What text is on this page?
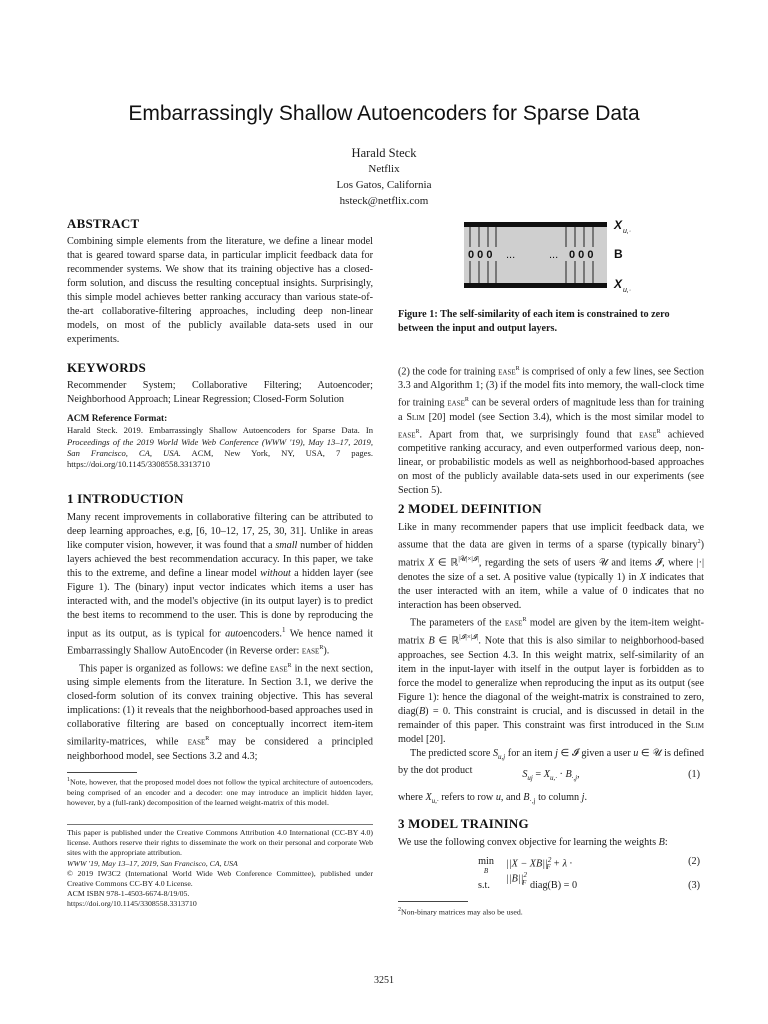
Embarrassingly Shallow Autoencoders for Sparse Data
Harald Steck
Netflix
Los Gatos, California
hsteck@netflix.com
ABSTRACT

Combining simple elements from the literature, we define a linear model that is geared toward sparse data, in particular implicit feedback data for recommender systems. We show that its training objective has a closed-form solution, and discuss the resulting conceptual insights. Surprisingly, this simple model achieves better ranking accuracy than various state-of-the-art collaborative-filtering approaches, including deep non-linear models, on most of the publicly available data-sets used in our experiments.

KEYWORDS

Recommender System; Collaborative Filtering; Autoencoder; Neighborhood Approach; Linear Regression; Closed-Form Solution

ACM Reference Format:

Harald Steck. 2019. Embarrassingly Shallow Autoencoders for Sparse Data. In Proceedings of the 2019 World Wide Web Conference (WWW '19), May 13–17, 2019, San Francisco, CA, USA. ACM, New York, NY, USA, 7 pages. https://doi.org/10.1145/3308558.3313710

1 INTRODUCTION

Many recent improvements in collaborative filtering can be attributed to deep learning approaches, e.g, [6, 10–12, 17, 25, 30, 31]. Unlike in areas like computer vision, however, it was found that a small number of hidden layers achieved the best recommendation accuracy. In this paper, we take this to the extreme, and define a linear model without a hidden layer (see Figure 1). The (binary) input vector indicates which items a user has interacted with, and the model's objective (in its output layer) is to predict the best items to recommend to the user. This is done by reproducing the input as its output, as is typical for autoencoders.$^1$ We hence named it Embarrassingly Shallow AutoEncoder (in Reverse order: ease$^R$).

This paper is organized as follows: we define ease$^R$ in the next section, using simple elements from the literature. In Section 3.1, we derive the closed-form solution of its convex training objective. This has several implications: (1) it reveals that the neighborhood-based approaches used in collaborative filtering are based on conceptually incorrect item-item similarity-matrices, while ease$^R$ may be considered a principled neighborhood model, see Sections 3.2 and 4.3;

$^1$Note, however, that the proposed model does not follow the typical architecture of autoencoders, being comprised of an encoder and a decoder: one may introduce an implicit hidden layer, however, by a (full-rank) decomposition of the learned weight-matrix of this model.

This paper is published under the Creative Commons Attribution 4.0 International (CC-BY 4.0) license. Authors reserve their rights to disseminate the work on their personal and corporate Web sites with the appropriate attribution.

WWW '19, May 13–17, 2019, San Francisco, CA, USA

© 2019 IW3C2 (International World Wide Web Conference Committee), published under Creative Commons CC-BY 4.0 License.

ACM ISBN 978-1-4503-6674-8/19/05.
https://doi.org/10.1145/3308558.3313710
0 0 0 ...	... 0 0 0
X u,·
B
X u,·
Figure 1: The self-similarity of each item is constrained to zero between the input and output layers.

(2) the code for training ease$^R$ is comprised of only a few lines, see Section 3.3 and Algorithm 1; (3) if the model fits into memory, the wall-clock time for training ease$^R$ can be several orders of magnitude less than for training a Slim [20] model (see Section 3.4), which is the most similar model to ease$^R$. Apart from that, we surprisingly found that ease$^R$ achieved competitive ranking accuracy, and even outperformed various deep, non-linear, or probabilistic models as well as neighborhood-based approaches on most of the publicly available data-sets used in our experiments (see Section 5).

2 MODEL DEFINITION

Like in many recommender papers that use implicit feedback data, we assume that the data are given in terms of a sparse (typically binary$^2$) matrix X ∈ ℝ$^{|𝒰|\times|𝓘|}$, regarding the sets of users 𝒰 and items 𝓘, where |·| denotes the size of a set. A positive value (typically 1) in X indicates that the user interacted with an item, while a value of 0 indicates that no interaction has been observed.

The parameters of the ease$^R$ model are given by the item-item weight-matrix B ∈ ℝ$^{|𝓘|\times|𝓘|}$. Note that this is also similar to neighborhood-based approaches, see Section 4.3. In this weight matrix, self-similarity of an item in the input-layer with itself in the output layer is forbidden as to force the model to generalize when reproducing the input as its output (see Figure 1): hence the diagonal of the weight-matrix is constrained to zero, diag(B) = 0. This constraint is crucial, and is discussed in detail in the remainder of this paper. This constraint was first introduced in the Slim model [20].

The predicted score $S_{u,j}$ for an item j ∈ 𝓘 given a user u ∈ 𝒰 is defined by the dot product	$S_{uj} = X_{u,\cdot} \cdot B_{\cdot,j}$,	(1)

where $X_{u,\cdot}$ refers to row u, and $B_{\cdot,j}$ to column j.

3 MODEL TRAINING

We use the following convex objective for learning the weights B:

min
B
$||X - XB||^2_F + \lambda \cdot ||B||^2_F$
(2)
s.t.	diag(B) = 0	(3)

$^2$Non-binary matrices may also be used.

3251
